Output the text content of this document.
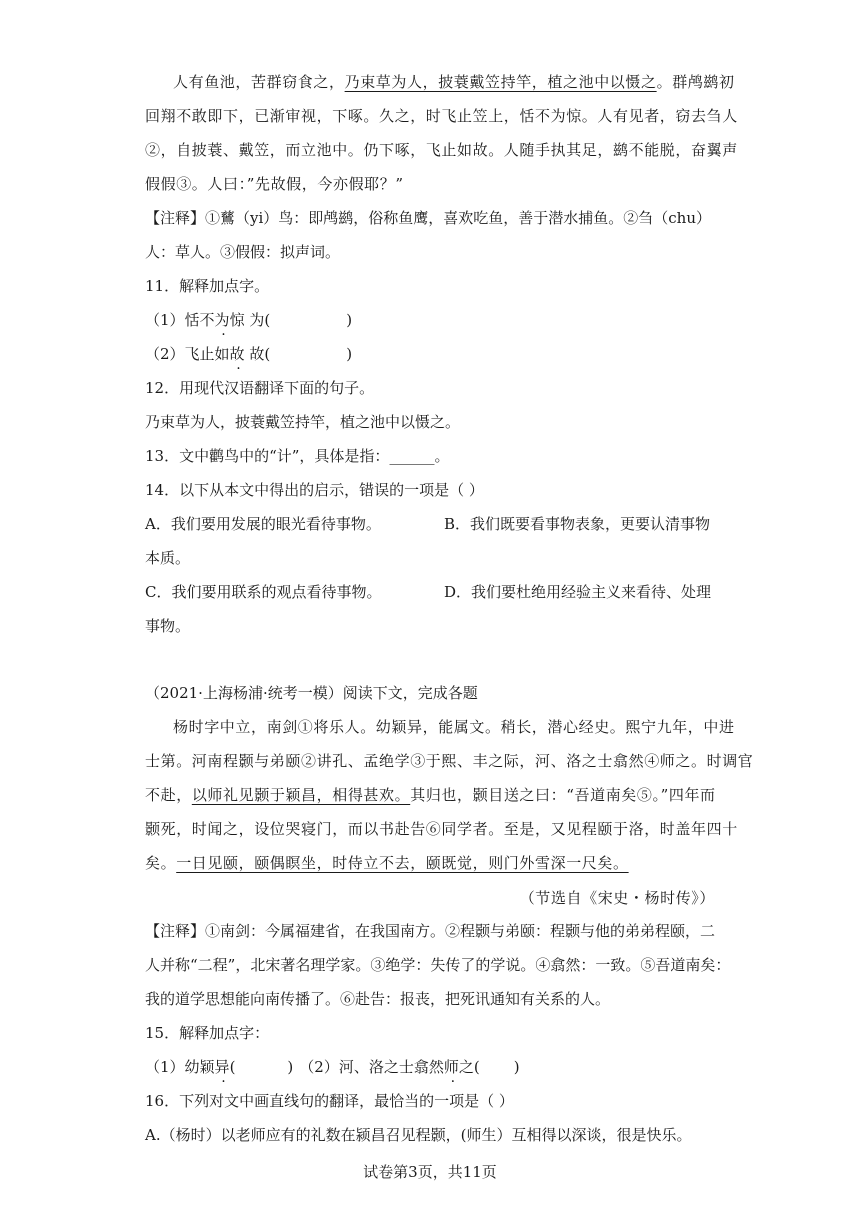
人有鱼池，苦群窃食之，乃束草为人，披蓑戴笠持竿，植之池中以慑之。群鸬鹚初
回翔不敢即下，已渐审视，下啄。久之，时飞止笠上，恬不为惊。人有见者，窃去刍人
②，自披蓑、戴笠，而立池中。仍下啄，飞止如故。人随手执其足，鹚不能脱，奋翼声
假假③。人曰：”先故假，今亦假耶？”
【注释】①鶿（yi）鸟：即鸬鹚，俗称鱼鹰，喜欢吃鱼，善于潜水捕鱼。②刍（chu）
人：草人。③假假：拟声词。
11．解释加点字。
（1）恬不为惊 为(	)
（2）飞止如故 故(	)
12．用现代汉语翻译下面的句子。
乃束草为人，披蓑戴笠持竿，植之池中以慑之。
13．文中鹳鸟中的“计”，具体是指：______。
14．以下从本文中得出的启示，错误的一项是（ ）
A．我们要用发展的眼光看待事物。	B．我们既要看事物表象，更要认清事物
本质。
C．我们要用联系的观点看待事物。	D．我们要杜绝用经验主义来看待、处理
事物。
（2021·上海杨浦·统考一模）阅读下文，完成各题
杨时字中立，南剑①将乐人。幼颖异，能属文。稍长，潜心经史。熙宁九年，中进
士第。河南程颢与弟颐②讲孔、孟绝学③于熙、丰之际，河、洛之士翕然④师之。时调官
不赴，以师礼见颢于颖昌，相得甚欢。其归也，颢目送之曰：“吾道南矣⑤。”四年而
颢死，时闻之，设位哭寝门，而以书赴告⑥同学者。至是，又见程颐于洛，时盖年四十
矣。一日见颐，颐偶瞑坐，时侍立不去，颐既觉，则门外雪深一尺矣。
（节选自《宋史・杨时传》）
【注释】①南剑：今属福建省，在我国南方。②程颢与弟颐：程颢与他的弟弟程颐，二
人并称“二程”，北宋著名理学家。③绝学：失传了的学说。④翕然：一致。⑤吾道南矣：
我的道学思想能向南传播了。⑥赴告：报丧，把死讯通知有关系的人。
15．解释加点字：
（1）幼颖异(	) （2）河、洛之士翕然师之( )
16．下列对文中画直线句的翻译，最恰当的一项是（ ）
A.（杨时）以老师应有的礼数在颍昌召见程颢，(师生）互相得以深谈，很是快乐。
试卷第3页，共11页
